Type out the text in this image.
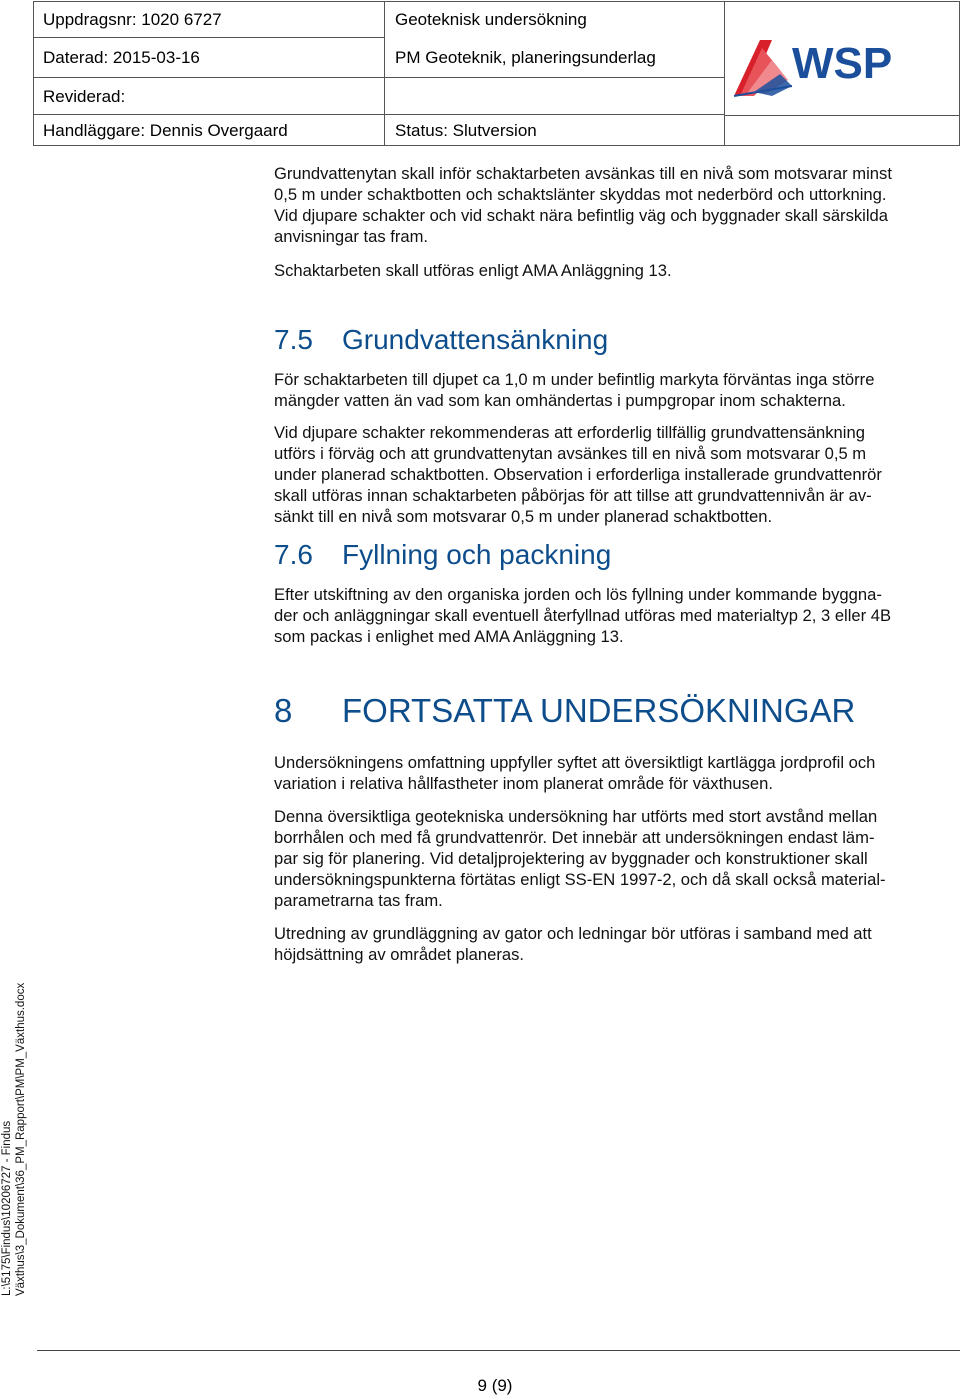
Uppdragsnr: 1020 6727
Daterad: 2015-03-16
Reviderad:
Handläggare: Dennis Overgaard
Geoteknisk undersökning
PM Geoteknik, planeringsunderlag
Status: Slutversion
WSP
Grundvattenytan skall inför schaktarbeten avsänkas till en nivå som motsvarar minst
0,5 m under schaktbotten och schaktslänter skyddas mot nederbörd och uttorkning.
Vid djupare schakter och vid schakt nära befintlig väg och byggnader skall särskilda
anvisningar tas fram.
Schaktarbeten skall utföras enligt AMA Anläggning 13.
7.5 Grundvattensänkning
För schaktarbeten till djupet ca 1,0 m under befintlig markyta förväntas inga större
mängder vatten än vad som kan omhändertas i pumpgropar inom schakterna.
Vid djupare schakter rekommenderas att erforderlig tillfällig grundvattensänkning
utförs i förväg och att grundvattenytan avsänkes till en nivå som motsvarar 0,5 m
under planerad schaktbotten. Observation i erforderliga installerade grundvattenrör
skall utföras innan schaktarbeten påbörjas för att tillse att grundvattennivån är av-
sänkt till en nivå som motsvarar 0,5 m under planerad schaktbotten.
7.6 Fyllning och packning
Efter utskiftning av den organiska jorden och lös fyllning under kommande byggna-
der och anläggningar skall eventuell återfyllnad utföras med materialtyp 2, 3 eller 4B
som packas i enlighet med AMA Anläggning 13.
8 FORTSATTA UNDERSÖKNINGAR
Undersökningens omfattning uppfyller syftet att översiktligt kartlägga jordprofil och
variation i relativa hållfastheter inom planerat område för växthusen.
Denna översiktliga geotekniska undersökning har utförts med stort avstånd mellan
borrhålen och med få grundvattenrör. Det innebär att undersökningen endast läm-
par sig för planering. Vid detaljprojektering av byggnader och konstruktioner skall
undersökningspunkterna förtätas enligt SS-EN 1997-2, och då skall också material-
parametrarna tas fram.
Utredning av grundläggning av gator och ledningar bör utföras i samband med att
höjdsättning av området planeras.
L:\5175\Findus\10206727 - Findus Växthus\3_Dokument\36_PM_Rapport\PM\PM_Växthus.docx
9 (9)
